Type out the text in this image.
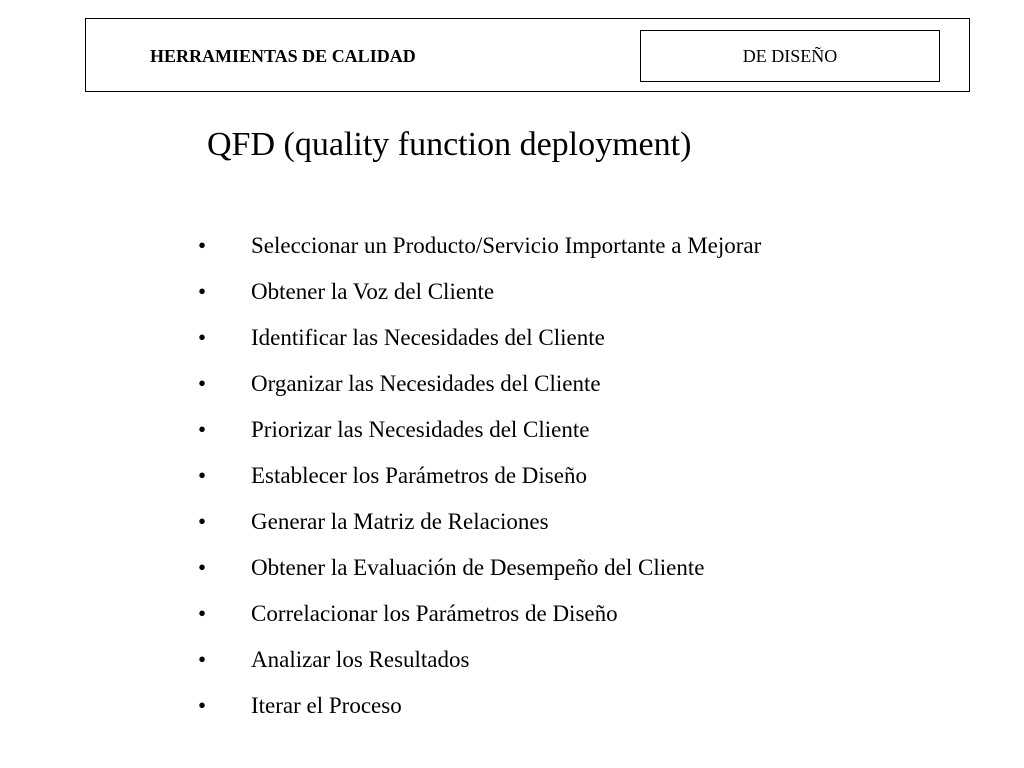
HERRAMIENTAS DE CALIDAD	DE DISEÑO
QFD (quality function deployment)
•	Seleccionar un Producto/Servicio Importante a Mejorar
•	Obtener la Voz del Cliente
•	Identificar las Necesidades del Cliente
•	Organizar las Necesidades del Cliente
•	Priorizar las Necesidades del Cliente
•	Establecer los Parámetros de Diseño
•	Generar la Matriz de Relaciones
•	Obtener la Evaluación de Desempeño del Cliente
•	Correlacionar los Parámetros de Diseño
•	Analizar los Resultados
•	Iterar el Proceso
